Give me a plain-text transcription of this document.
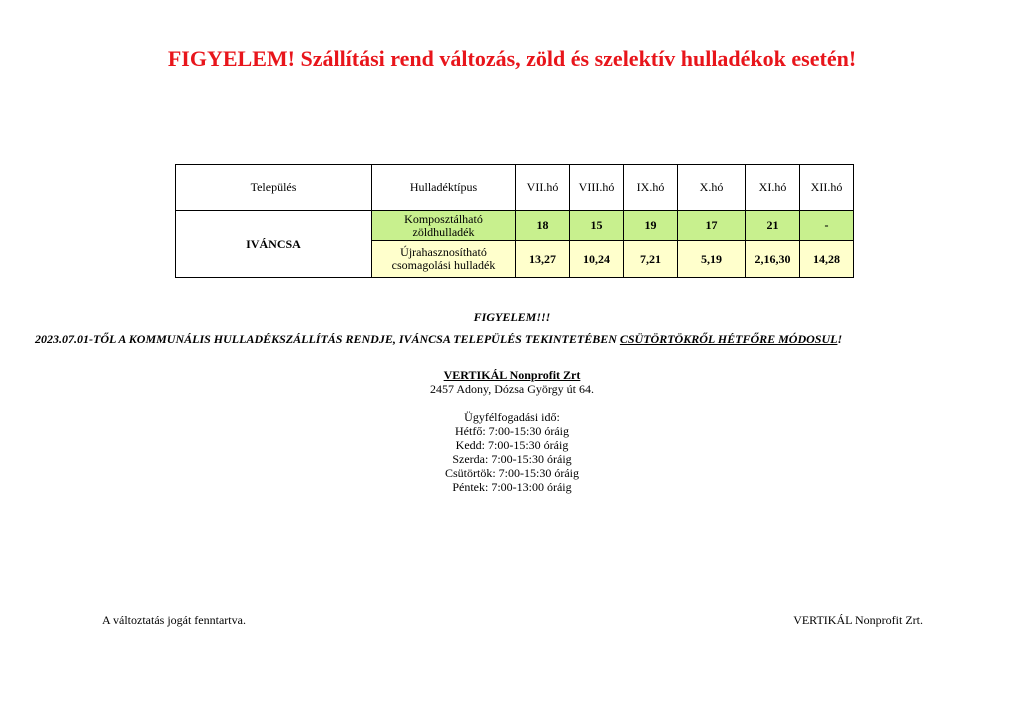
FIGYELEM! Szállítási rend változás, zöld és szelektív hulladékok esetén!
Település	Hulladéktípus	VII.hó	VIII.hó	IX.hó	X.hó	XI.hó	XII.hó
IVÁNCSA	Komposztálható zöldhulladék	18	15	19	17	21	-
	Újrahasznosítható csomagolási hulladék	13,27	10,24	7,21	5,19	2,16,30	14,28
FIGYELEM!!!
2023.07.01-TŐL A KOMMUNÁLIS HULLADÉKSZÁLLÍTÁS RENDJE, IVÁNCSA TELEPÜLÉS TEKINTETÉBEN CSÜTÖRTÖKRŐL HÉTFŐRE MÓDOSUL!
VERTIKÁL Nonprofit Zrt
2457 Adony, Dózsa György út 64.
Ügyfélfogadási idő:
Hétfő: 7:00-15:30 óráig
Kedd: 7:00-15:30 óráig
Szerda: 7:00-15:30 óráig
Csütörtök: 7:00-15:30 óráig
Péntek: 7:00-13:00 óráig
A változtatás jogát fenntartva.	VERTIKÁL Nonprofit Zrt.
